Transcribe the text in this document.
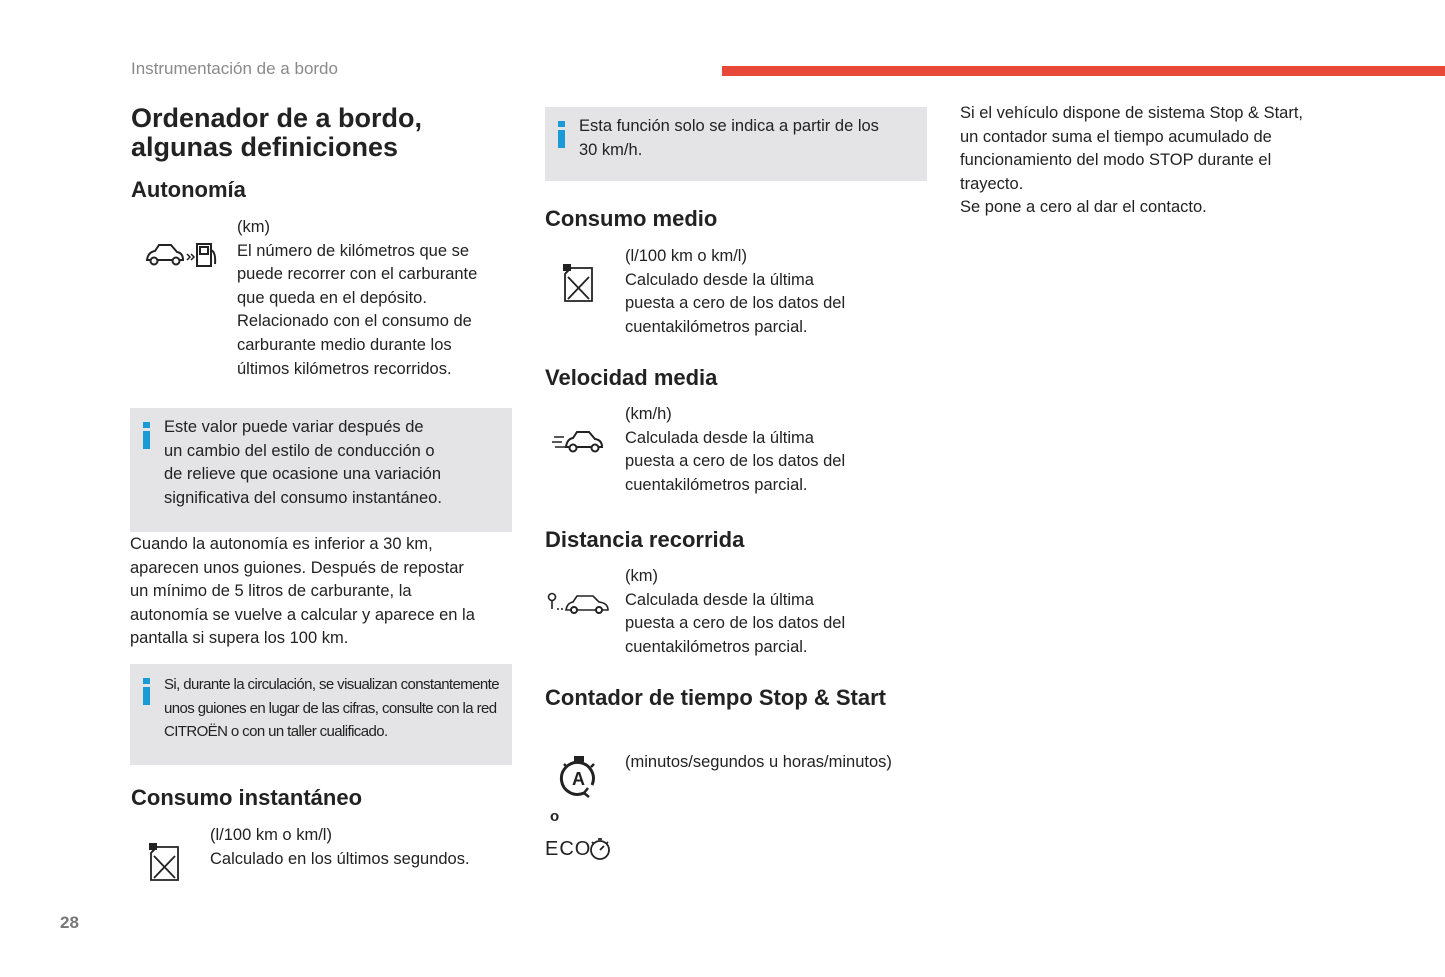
Instrumentación de a bordo
Ordenador de a bordo, algunas definiciones
Autonomía
(km)
El número de kilómetros que se
puede recorrer con el carburante
que queda en el depósito.
Relacionado con el consumo de
carburante medio durante los
últimos kilómetros recorridos.
Este valor puede variar después de
un cambio del estilo de conducción o
de relieve que ocasione una variación
significativa del consumo instantáneo.
Cuando la autonomía es inferior a 30 km,
aparecen unos guiones. Después de repostar
un mínimo de 5 litros de carburante, la
autonomía se vuelve a calcular y aparece en la
pantalla si supera los 100 km.
Si, durante la circulación, se visualizan constantemente
unos guiones en lugar de las cifras, consulte con la red
CITROËN o con un taller cualificado.
Consumo instantáneo
(l/100 km o km/l)
Calculado en los últimos segundos.
Esta función solo se indica a partir de los
30 km/h.
Consumo medio
(l/100 km o km/l)
Calculado desde la última
puesta a cero de los datos del
cuentakilómetros parcial.
Velocidad media
(km/h)
Calculada desde la última
puesta a cero de los datos del
cuentakilómetros parcial.
Distancia recorrida
(km)
Calculada desde la última
puesta a cero de los datos del
cuentakilómetros parcial.
Contador de tiempo Stop & Start
A
o
ECO
(minutos/segundos u horas/minutos)
Si el vehículo dispone de sistema Stop & Start,
un contador suma el tiempo acumulado de
funcionamiento del modo STOP durante el
trayecto.
Se pone a cero al dar el contacto.
28
